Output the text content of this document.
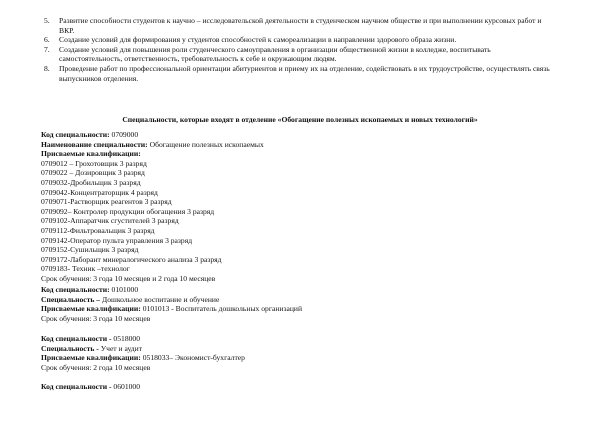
5. Развитие способности студентов к научно – исследовательской деятельности в студенческом научном обществе и при выполнении курсовых работ и ВКР.
6. Создание условий для формирования у студентов способностей к самореализации в направлении здорового образа жизни.
7. Создание условий для повышения роли студенческого самоуправления в организации общественной жизни в колледже, воспитывать самостоятельность, ответственность, требовательность к себе и окружающим людям.
8. Проведение работ по профессиональной ориентации абитуриентов и приему их на отделение, содействовать в их трудоустройстве, осуществлять связь выпускников отделения.
Специальности, которые входят в отделение «Обогащение полезных ископаемых и новых технологий»
Код специальности: 0709000
Наименование специальности: Обогащение полезных ископаемых
Присваемые квалификации:
0709012 – Грохотовщик 3 разряд
0709022 – Дозировщик 3 разряд
0709032-Дробильщик 3 разряд
0709042-Концентраторщик 4 разряд
0709071-Растворщик реагентов 3 разряд
0709092– Контролер продукции обогащения 3 разряд
0709102-Аппаратчик сгустителей 3 разряд
0709112-Фильтровальщик 3 разряд
0709142-Оператор пульта управления 3 разряд
0709152-Сушильщик 3 разряд
0709172-Лаборант минералогического анализа 3 разряд
0709183- Техник –технолог
Срок обучения: 3 года 10 месяцев и 2 года 10 месяцев
Код специальности: 0101000
Специальность – Дошкольное воспитание и обучение
Присваемые квалификации: 0101013 - Воспитатель дошкольных организаций
Срок обучения: 3 года 10 месяцев
Код специальности - 0518000
Специальность - Учет и аудит
Присваемые квалификации: 0518033– Экономист-бухгалтер
Срок обучения: 2 года 10 месяцев
Код специальности - 0601000
